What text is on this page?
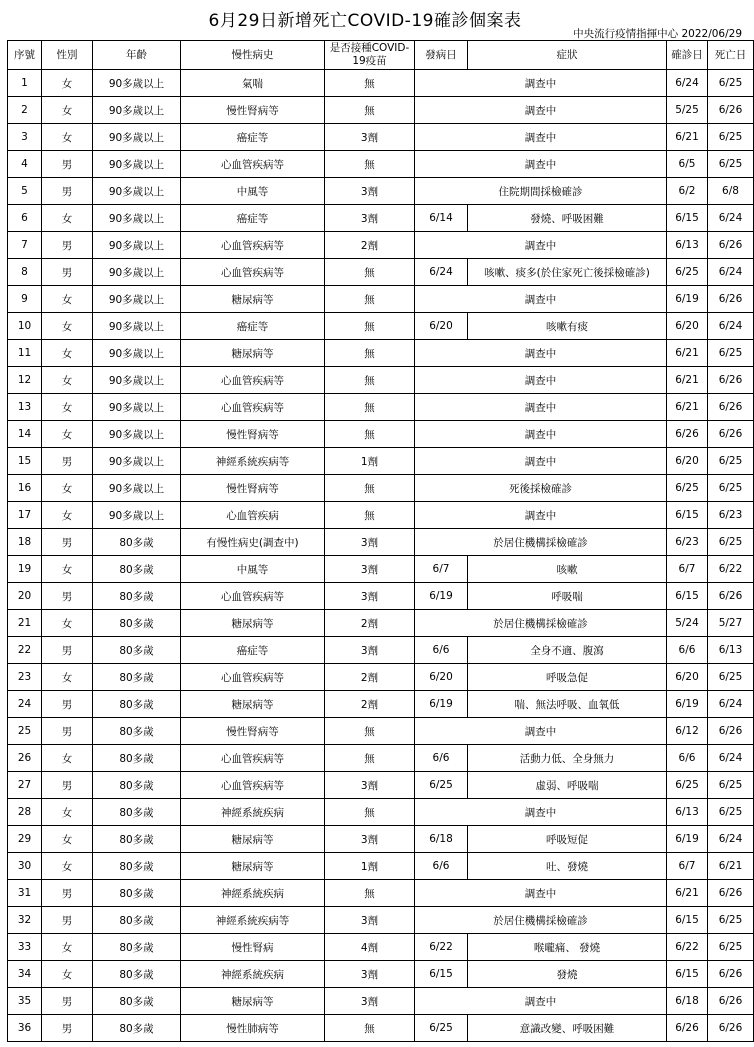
6月29日新增死亡COVID-19確診個案表
中央流行疫情指揮中心 2022/06/29
序號	性別	年齡	慢性病史	是否接種COVID-19疫苗	發病日	症狀	確診日	死亡日
1	女	90多歲以上	氣喘	無	調查中		6/24	6/25
2	女	90多歲以上	慢性腎病等	無	調查中		5/25	6/26
3	女	90多歲以上	癌症等	3劑	調查中		6/21	6/25
4	男	90多歲以上	心血管疾病等	無	調查中		6/5	6/25
5	男	90多歲以上	中風等	3劑	住院期間採檢確診		6/2	6/8
6	女	90多歲以上	癌症等	3劑	6/14	發燒、呼吸困難	6/15	6/24
7	男	90多歲以上	心血管疾病等	2劑	調查中		6/13	6/26
8	男	90多歲以上	心血管疾病等	無	6/24	咳嗽、痰多(於住家死亡後採檢確診)	6/25	6/24
9	女	90多歲以上	糖尿病等	無	調查中		6/19	6/26
10	女	90多歲以上	癌症等	無	6/20	咳嗽有痰	6/20	6/24
11	女	90多歲以上	糖尿病等	無	調查中		6/21	6/25
12	女	90多歲以上	心血管疾病等	無	調查中		6/21	6/26
13	女	90多歲以上	心血管疾病等	無	調查中		6/21	6/26
14	女	90多歲以上	慢性腎病等	無	調查中		6/26	6/26
15	男	90多歲以上	神經系統疾病等	1劑	調查中		6/20	6/25
16	女	90多歲以上	慢性腎病等	無	死後採檢確診		6/25	6/25
17	女	90多歲以上	心血管疾病	無	調查中		6/15	6/23
18	男	80多歲	有慢性病史(調查中)	3劑	於居住機構採檢確診		6/23	6/25
19	女	80多歲	中風等	3劑	6/7	咳嗽	6/7	6/22
20	男	80多歲	心血管疾病等	3劑	6/19	呼吸喘	6/15	6/26
21	女	80多歲	糖尿病等	2劑	於居住機構採檢確診		5/24	5/27
22	男	80多歲	癌症等	3劑	6/6	全身不適、腹瀉	6/6	6/13
23	女	80多歲	心血管疾病等	2劑	6/20	呼吸急促	6/20	6/25
24	男	80多歲	糖尿病等	2劑	6/19	喘、無法呼吸、血氧低	6/19	6/24
25	男	80多歲	慢性腎病等	無	調查中		6/12	6/26
26	女	80多歲	心血管疾病等	無	6/6	活動力低、全身無力	6/6	6/24
27	男	80多歲	心血管疾病等	3劑	6/25	虛弱、呼吸喘	6/25	6/25
28	女	80多歲	神經系統疾病	無	調查中		6/13	6/25
29	女	80多歲	糖尿病等	3劑	6/18	呼吸短促	6/19	6/24
30	女	80多歲	糖尿病等	1劑	6/6	吐、發燒	6/7	6/21
31	男	80多歲	神經系統疾病	無	調查中		6/21	6/26
32	男	80多歲	神經系統疾病等	3劑	於居住機構採檢確診		6/15	6/25
33	女	80多歲	慢性腎病	4劑	6/22	喉嚨痛、 發燒	6/22	6/25
34	女	80多歲	神經系統疾病	3劑	6/15	發燒	6/15	6/26
35	男	80多歲	糖尿病等	3劑	調查中		6/18	6/26
36	男	80多歲	慢性肺病等	無	6/25	意識改變、呼吸困難	6/26	6/26
